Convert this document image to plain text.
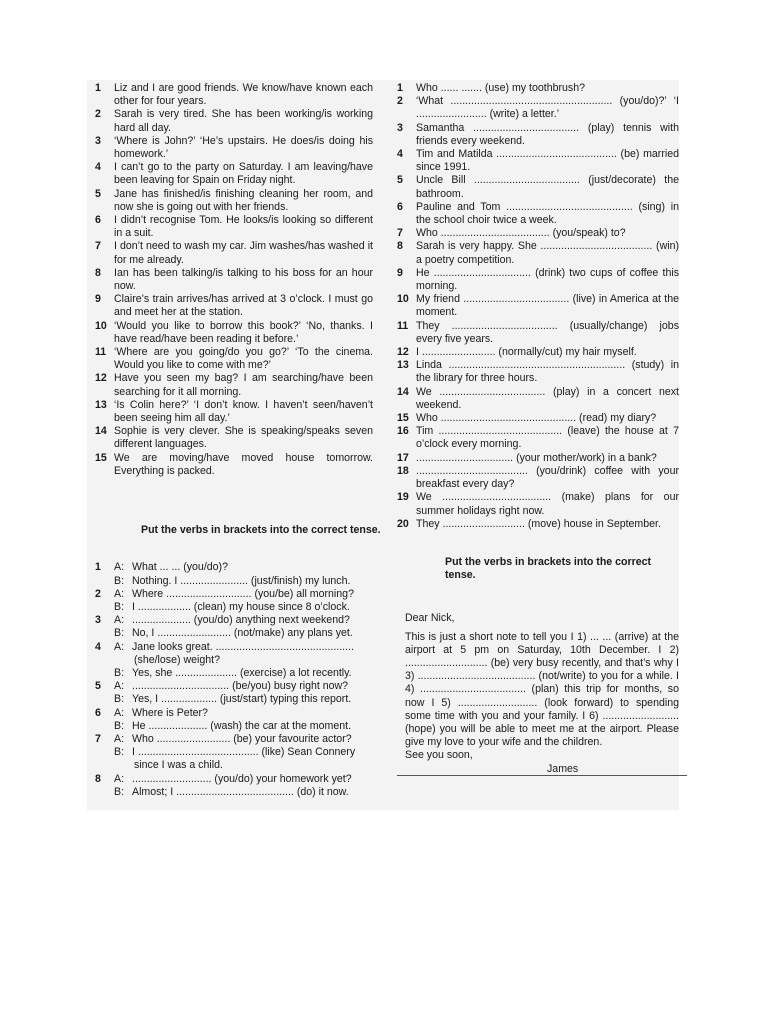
1	Liz and I are good friends. We know/have known each other for four years.
2	Sarah is very tired. She has been working/is working hard all day.
3	‘Where is John?’ ‘He’s upstairs. He does/is doing his homework.’
4	I can’t go to the party on Saturday. I am leaving/have been leaving for Spain on Friday night.
5	Jane has finished/is finishing cleaning her room, and now she is going out with her friends.
6	I didn’t recognise Tom. He looks/is looking so different in a suit.
7	I don’t need to wash my car. Jim washes/has washed it for me already.
8	Ian has been talking/is talking to his boss for an hour now.
9	Claire’s train arrives/has arrived at 3 o’clock. I must go and meet her at the station.
10 ‘Would you like to borrow this book?’ ‘No, thanks. I have read/have been reading it before.’
11 ‘Where are you going/do you go?’ ‘To the cinema. Would you like to come with me?’
12 Have you seen my bag? I am searching/have been searching for it all morning.
13 ‘Is Colin here?’ ‘I don’t know. I haven’t seen/haven’t been seeing him all day.’
14 Sophie is very clever. She is speaking/speaks seven different languages.
15 We are moving/have moved house tomorrow. Everything is packed.
Put the verbs in brackets into the correct tense.
1	A: What ... ... (you/do)?
B: Nothing. I ....................... (just/finish) my lunch.
2	A: Where ............................. (you/be) all morning?
B: I .................. (clean) my house since 8 o’clock.
3	A: .................... (you/do) anything next weekend?
B: No, I ......................... (not/make) any plans yet.
4	A: Jane looks great. ...............................................
(she/lose) weight?
B: Yes, she ..................... (exercise) a lot recently.
5	A: ................................. (be/you) busy right now?
B: Yes, I ................... (just/start) typing this report.
6	A: Where is Peter?
B: He .................... (wash) the car at the moment.
7	A: Who ......................... (be) your favourite actor?
B: I ......................................... (like) Sean Connery
since I was a child.
8	A: ........................... (you/do) your homework yet?
B: Almost; I ........................................ (do) it now.
1	Who ...... ....... (use) my toothbrush?
2	‘What ....................................................... (you/do)?’ ‘I ........................ (write) a letter.’
3	Samantha .................................... (play) tennis with friends every weekend.
4	Tim and Matilda ......................................... (be) married since 1991.
5	Uncle Bill .................................... (just/decorate) the bathroom.
6	Pauline and Tom ........................................... (sing) in the school choir twice a week.
7	Who ..................................... (you/speak) to?
8	Sarah is very happy. She ...................................... (win) a poetry competition.
9	He ................................. (drink) two cups of coffee this morning.
10 My friend .................................... (live) in America at the moment.
11 They .................................... (usually/change) jobs every five years.
12 I ......................... (normally/cut) my hair myself.
13 Linda ............................................................ (study) in the library for three hours.
14 We .................................... (play) in a concert next weekend.
15 Who .............................................. (read) my diary?
16 Tim .......................................... (leave) the house at 7 o’clock every morning.
17 ................................. (your mother/work) in a bank?
18 ...................................... (you/drink) coffee with your breakfast every day?
19 We ..................................... (make) plans for our summer holidays right now.
20 They ............................ (move) house in September.
Put the verbs in brackets into the correct tense.

Dear Nick,

This is just a short note to tell you I 1) ... ... (arrive) at the airport at 5 pm on Saturday, 10th December. I 2) ............................ (be) very busy recently, and that’s why I 3) ........................................ (not/write) to you for a while. I 4) .................................... (plan) this trip for months, so now I 5) ........................... (look forward) to spending some time with you and your family. I 6) .......................... (hope) you will be able to meet me at the airport. Please give my love to your wife and the children.

See you soon,

James
